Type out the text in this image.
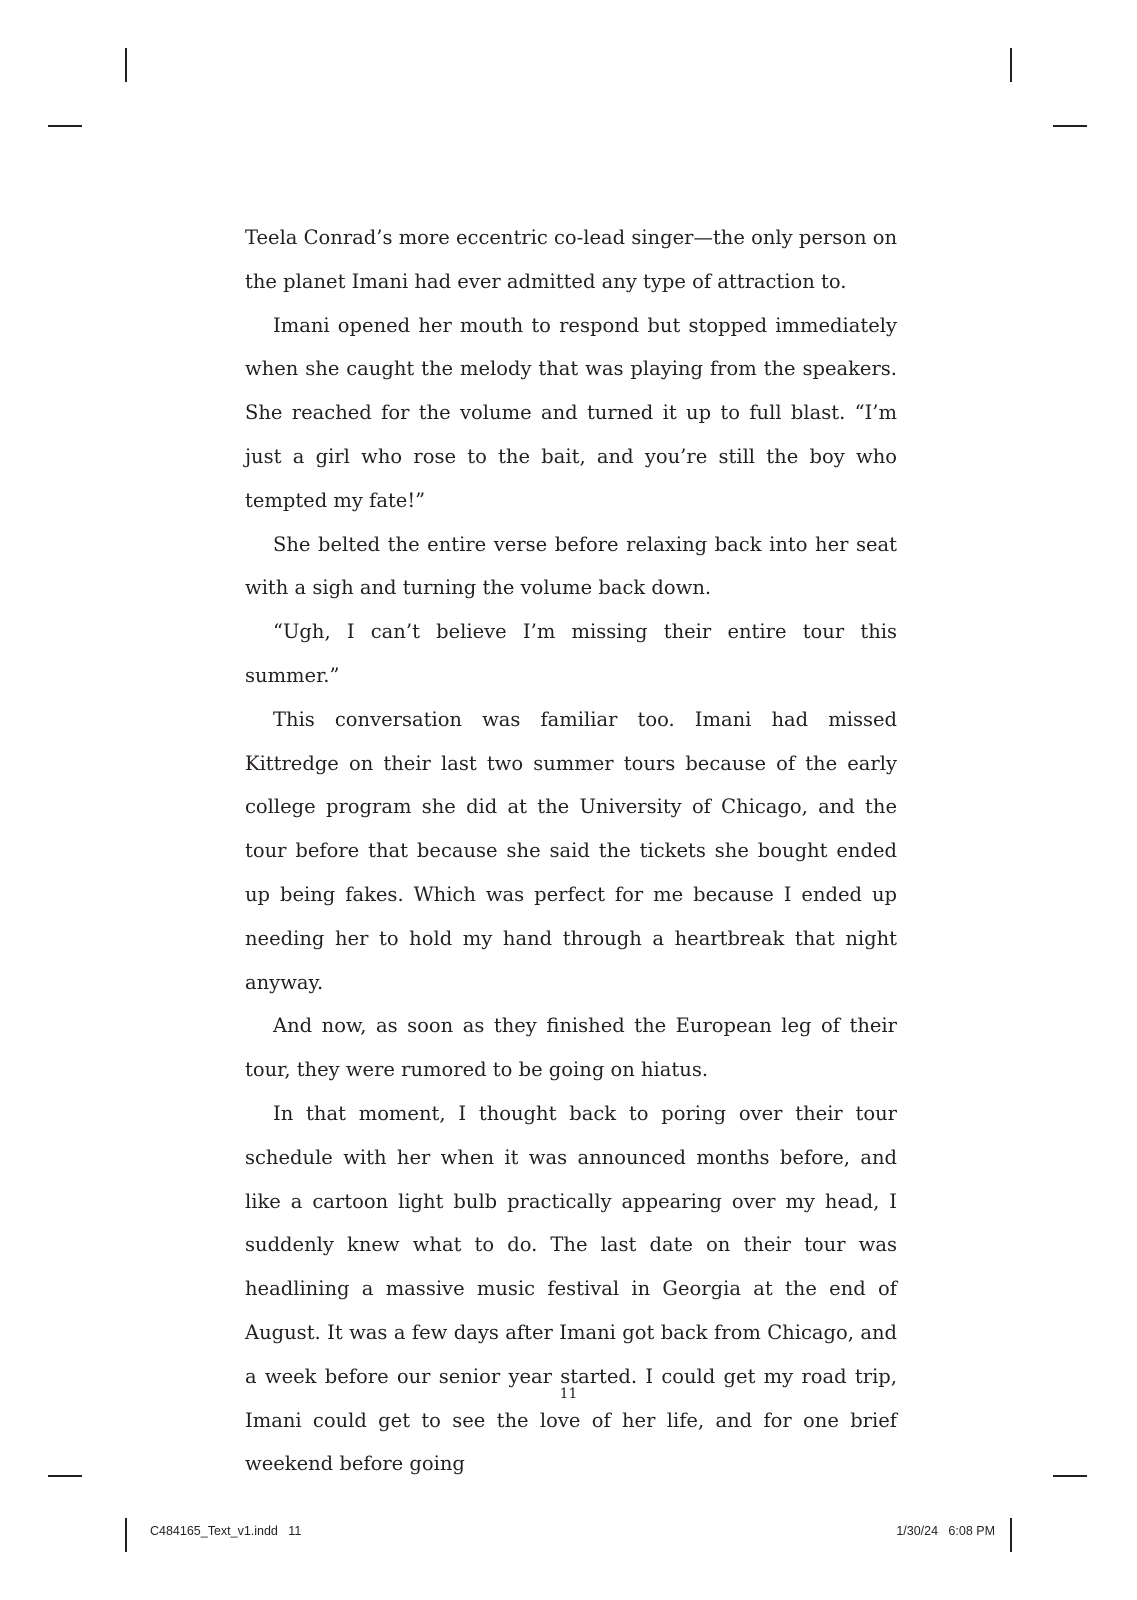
Teela Conrad’s more eccentric co-lead singer—the only person on the planet Imani had ever admitted any type of attraction to.

Imani opened her mouth to respond but stopped immediately when she caught the melody that was playing from the speakers. She reached for the volume and turned it up to full blast. “I’m just a girl who rose to the bait, and you’re still the boy who tempted my fate!”

She belted the entire verse before relaxing back into her seat with a sigh and turning the volume back down.

“Ugh, I can’t believe I’m missing their entire tour this summer.”

This conversation was familiar too. Imani had missed Kittredge on their last two summer tours because of the early college program she did at the University of Chicago, and the tour before that because she said the tickets she bought ended up being fakes. Which was perfect for me because I ended up needing her to hold my hand through a heartbreak that night anyway.

And now, as soon as they finished the European leg of their tour, they were rumored to be going on hiatus.

In that moment, I thought back to poring over their tour schedule with her when it was announced months before, and like a cartoon light bulb practically appearing over my head, I suddenly knew what to do. The last date on their tour was headlining a massive music festival in Georgia at the end of August. It was a few days after Imani got back from Chicago, and a week before our senior year started. I could get my road trip, Imani could get to see the love of her life, and for one brief weekend before going

11
C484165_Text_v1.indd   11	1/30/24   6:08 PM
